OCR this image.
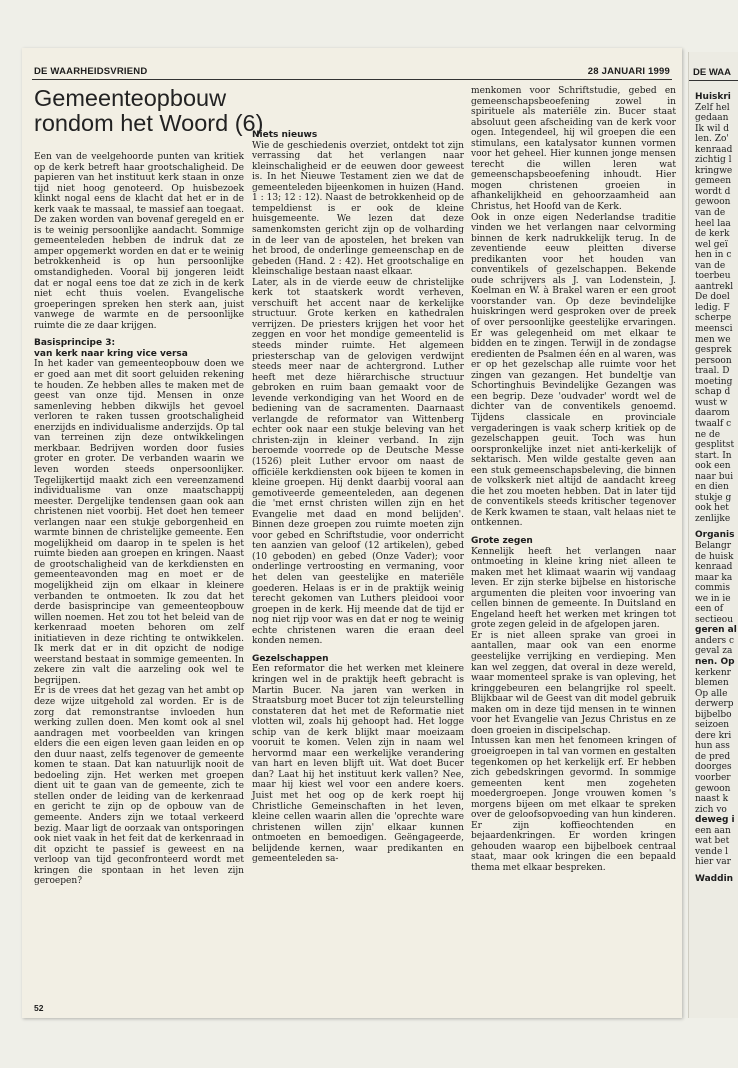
DE WAARHEIDSVRIEND	28 JANUARI 1999
Gemeenteopbouw rondom het Woord (6)

Een van de veelgehoorde punten van kritiek op de kerk betreft haar grootschaligheid. De papieren van het instituut kerk staan in onze tijd niet hoog genoteerd. Op huisbezoek klinkt nogal eens de klacht dat het er in de kerk vaak te massaal, te massief aan toegaat. De zaken worden van bovenaf geregeld en er is te weinig persoonlijke aandacht. Sommige gemeenteleden hebben de indruk dat ze amper opgemerkt worden en dat er te weinig betrokkenheid is op hun persoonlijke omstandigheden. Vooral bij jongeren leidt dat er nogal eens toe dat ze zich in de kerk niet echt thuis voelen. Evangelische groeperingen spreken hen sterk aan, juist vanwege de warmte en de persoonlijke ruimte die ze daar krijgen.

Basisprincipe 3:
van kerk naar kring vice versa

In het kader van gemeenteopbouw doen we er goed aan met dit soort geluiden rekening te houden. Ze hebben alles te maken met de geest van onze tijd. Mensen in onze samenleving hebben dikwijls het gevoel verloren te raken tussen grootschaligheid enerzijds en individualisme anderzijds. Op tal van terreinen zijn deze ontwikkelingen merkbaar. Bedrijven worden door fusies groter en groter. De verbanden waarin we leven worden steeds onpersoonlijker. Tegelijkertijd maakt zich een vereenzamend individualisme van onze maatschappij meester. Dergelijke tendensen gaan ook aan christenen niet voorbij. Het doet hen temeer verlangen naar een stukje geborgenheid en warmte binnen de christelijke gemeente. Een mogelijkheid om daarop in te spelen is het ruimte bieden aan groepen en kringen. Naast de grootschaligheid van de kerkdiensten en gemeenteavonden mag en moet er de mogelijkheid zijn om elkaar in kleinere verbanden te ontmoeten. Ik zou dat het derde basisprincipe van gemeenteopbouw willen noemen. Het zou tot het beleid van de kerkenraad moeten behoren om zelf initiatieven in deze richting te ontwikkelen. Ik merk dat er in dit opzicht de nodige weerstand bestaat in sommige gemeenten. In zekere zin valt die aarzeling ook wel te begrijpen.

Er is de vrees dat het gezag van het ambt op deze wijze uitgehold zal worden. Er is de zorg dat remonstrantse invloeden hun werking zullen doen. Men komt ook al snel aandragen met voorbeelden van kringen elders die een eigen leven gaan leiden en op den duur naast, zelfs tegenover de gemeente komen te staan. Dat kan natuurlijk nooit de bedoeling zijn. Het werken met groepen dient uit te gaan van de gemeente, zich te stellen onder de leiding van de kerkenraad en gericht te zijn op de opbouw van de gemeente. Anders zijn we totaal verkeerd bezig. Maar ligt de oorzaak van ontsporingen ook niet vaak in het feit dat de kerkenraad in dit opzicht te passief is geweest en na verloop van tijd geconfronteerd wordt met kringen die spontaan in het leven zijn geroepen?

Niets nieuws

Wie de geschiedenis overziet, ontdekt tot zijn verrassing dat het verlangen naar kleinschaligheid er de eeuwen door geweest is. In het Nieuwe Testament zien we dat de gemeenteleden bijeenkomen in huizen (Hand. 1 : 13; 12 : 12). Naast de betrokkenheid op de tempeldienst is er ook de kleine huisgemeente. We lezen dat deze samenkomsten gericht zijn op de volharding in de leer van de apostelen, het breken van het brood, de onderlinge gemeenschap en de gebeden (Hand. 2 : 42). Het grootschalige en kleinschalige bestaan naast elkaar.

Later, als in de vierde eeuw de christelijke kerk tot staatskerk wordt verheven, verschuift het accent naar de kerkelijke structuur. Grote kerken en kathedralen verrijzen. De priesters krijgen het voor het zeggen en voor het mondige gemeentelid is steeds minder ruimte. Het algemeen priesterschap van de gelovigen verdwijnt steeds meer naar de achtergrond. Luther heeft met deze hiërarchische structuur gebroken en ruim baan gemaakt voor de levende verkondiging van het Woord en de bediening van de sacramenten. Daarnaast verlangde de reformator van Wittenberg echter ook naar een stukje beleving van het christen-zijn in kleiner verband. In zijn beroemde voorrede op de Deutsche Messe (1526) pleit Luther ervoor om naast de officiële kerkdiensten ook bijeen te komen in kleine groepen. Hij denkt daarbij vooral aan gemotiveerde gemeenteleden, aan degenen die 'met ernst christen willen zijn en het Evangelie met daad en mond belijden'. Binnen deze groepen zou ruimte moeten zijn voor gebed en Schriftstudie, voor onderricht ten aanzien van geloof (12 artikelen), gebed (10 geboden) en gebed (Onze Vader); voor onderlinge vertroosting en vermaning, voor het delen van geestelijke en materiële goederen. Helaas is er in de praktijk weinig terecht gekomen van Luthers pleidooi voor groepen in de kerk. Hij meende dat de tijd er nog niet rijp voor was en dat er nog te weinig echte christenen waren die eraan deel konden nemen.

Gezelschappen

Een reformator die het werken met kleinere kringen wel in de praktijk heeft gebracht is Martin Bucer. Na jaren van werken in Straatsburg moet Bucer tot zijn teleurstelling constateren dat het met de Reformatie niet vlotten wil, zoals hij gehoopt had. Het logge schip van de kerk blijkt maar moeizaam vooruit te komen. Velen zijn in naam wel hervormd maar een werkelijke verandering van hart en leven blijft uit. Wat doet Bucer dan? Laat hij het instituut kerk vallen? Nee, maar hij kiest wel voor een andere koers. Juist met het oog op de kerk roept hij Christliche Gemeinschaften in het leven, kleine cellen waarin allen die 'oprechte ware christenen willen zijn' elkaar kunnen ontmoeten en bemoedigen. Geëngageerde, belijdende kernen, waar predikanten en gemeenteleden sa-

menkomen voor Schriftstudie, gebed en gemeenschapsbeoefening zowel in spirituele als materiële zin. Bucer staat absoluut geen afscheiding van de kerk voor ogen. Integendeel, hij wil groepen die een stimulans, een katalysator kunnen vormen voor het geheel. Hier kunnen jonge mensen terecht die willen leren wat gemeenschapsbeoefening inhoudt. Hier mogen christenen groeien in afhankelijkheid en gehoorzaamheid aan Christus, het Hoofd van de Kerk.

Ook in onze eigen Nederlandse traditie vinden we het verlangen naar celvorming binnen de kerk nadrukkelijk terug. In de zeventiende eeuw pleitten diverse predikanten voor het houden van conventikels of gezelschappen. Bekende oude schrijvers als J. van Lodenstein, J. Koelman en W. à Brakel waren er een groot voorstander van. Op deze bevindelijke huiskringen werd gesproken over de preek of over persoonlijke geestelijke ervaringen. Er was gelegenheid om met elkaar te bidden en te zingen. Terwijl in de zondagse eredienten de Psalmen één en al waren, was er op het gezelschap alle ruimte voor het zingen van gezangen. Het bundeltje van Schortinghuis Bevindelijke Gezangen was een begrip. Deze 'oudvader' wordt wel de dichter van de conventikels genoemd. Tijdens classicale en provinciale vergaderingen is vaak scherp kritiek op de gezelschappen geuit. Toch was hun oorspronkelijke inzet niet anti-kerkelijk of sektarisch. Men wilde gestalte geven aan een stuk gemeenschapsbeleving, die binnen de volkskerk niet altijd de aandacht kreeg die het zou moeten hebben. Dat in later tijd de conventikels steeds kritischer tegenover de Kerk kwamen te staan, valt helaas niet te ontkennen.

Grote zegen

Kennelijk heeft het verlangen naar ontmoeting in kleine kring niet alleen te maken met het klimaat waarin wij vandaag leven. Er zijn sterke bijbelse en historische argumenten die pleiten voor invoering van cellen binnen de gemeente. In Duitsland en Engeland heeft het werken met kringen tot grote zegen geleid in de afgelopen jaren.

Er is niet alleen sprake van groei in aantallen, maar ook van een enorme geestelijke verrijking en verdieping. Men kan wel zeggen, dat overal in deze wereld, waar momenteel sprake is van opleving, het kringgebeuren een belangrijke rol speelt. Blijkbaar wil de Geest van dit model gebruik maken om in deze tijd mensen in te winnen voor het Evangelie van Jezus Christus en ze doen groeien in discipelschap.

Intussen kan men het fenomeen kringen of groeigroepen in tal van vormen en gestalten tegenkomen op het kerkelijk erf. Er hebben zich gebedskringen gevormd. In sommige gemeenten kent men zogeheten moedergroepen. Jonge vrouwen komen 's morgens bijeen om met elkaar te spreken over de geloofsopvoeding van hun kinderen. Er zijn koffieochtenden en bejaardenkringen. Er worden kringen gehouden waarop een bijbelboek centraal staat, maar ook kringen die een bepaald thema met elkaar bespreken.

52
DE WAA
Huiskri
Zelf hel
gedaan
Ik wil d
len. Zo'
kenraad
zichtig l
kringwe
gemeen
wordt d
gewoon
van de
heel laa
de kerk
wel geï
hen in c
van de
toerbeu
aantrekl
De doel
ledig. F
scherpe
meensci
men we
gesprek
persoon
traal. D
moeting
schap d
wust w
daarom
twaalf c
ne de
gesplitst
start. In
ook een
naar bui
en dien
stukje g
ook het
zenlijke
Organis
Belangr
de huisk
kenraad
maar ka
commis
we in ie
een of
sectieou
geren al
anders c
geval za
nen. Op
kerkenr
blemen
Op alle
derwerp
bijbelbo
seizoen
dere kri
hun ass
de pred
doorges
voorber
gewoon
naast k
zich vo
deweg i
een aan
wat bet
vende l
hier var
Waddin
